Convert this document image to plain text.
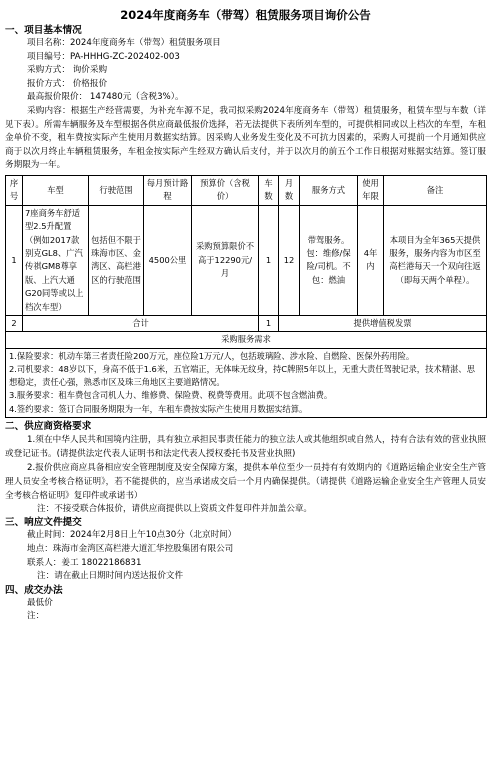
2024年度商务车（带驾）租赁服务项目询价公告
一、项目基本情况
项目名称：2024年度商务车（带驾）租赁服务项目
项目编号：PA-HHHG-ZC-202402-003
采购方式： 询价采购
报价方式： 价格报价
最高报价限价： 147480元（含税3%）。
采购内容：根据生产经营需要，为补充车源不足，我司拟采购2024年度商务车（带驾）租赁服务，租赁车型与车数（详见下表）。所需车辆服务及车型根据各供应商最低报价选择，若无法提供下表所列车型的，可提供相同或以上档次的车型，车租金单价不变，租车费按实际产生使用月数据实结算。因采购人业务发生变化及不可抗力因素的，采购人可提前一个月通知供应商于以次月终止车辆租赁服务，车租金按实际产生经双方确认后支付，并于以次月的前五个工作日根据对账据实结算。签订服务期限为一年。
序号	车型	行驶范围	每月预计路程	预算价（含税价）	车数	月数	服务方式	使用年限	备注
1	7座商务车舒适型2.5升配置（例如2017款别克GL8、广汽传祺GM8尊享版、上汽大通G20同等或以上档次车型）	包括但不限于珠海市区、金湾区、高栏港区的行驶范围	4500公里	采购预算限价不高于12290元/月	1	12	带驾服务。包：维修/保险/司机。不包：燃油	4年内	本项目为全年365天提供服务，服务内容为市区至高栏港每天一个双向往返（即每天两个单程）。
2	合计				1	提供增值税发票			
采购服务需求									

1.保险要求：机动车第三者责任险200万元，座位险1万元/人，包括玻璃险、涉水险、自燃险、医保外药用险。
2.司机要求：48岁以下，身高不低于1.6米，五官端正，无体味无纹身，持C牌照5年以上，无重大责任驾驶记录，技术精湛、思想稳定，责任心强，熟悉市区及珠三角地区主要道路情况。
3.服务要求：租车费包含司机人力、维修费、保险费、税费等费用。此项不包含燃油费。
4.签约要求：签订合同服务期限为一年，车租车费按实际产生使用月数据实结算。									
二、供应商资格要求
1.须在中华人民共和国境内注册，具有独立承担民事责任能力的独立法人或其他组织或自然人，持有合法有效的营业执照或登记证书。(请提供法定代表人证明书和法定代表人授权委托书及营业执照)
2.报价供应商应具备相应安全管理制度及安全保障方案，提供本单位至少一员持有有效期内的《道路运输企业安全生产管理人员安全考核合格证明》，若不能提供的，应当承诺成交后一个月内确保提供。（请提供《道路运输企业安全生产管理人员安全考核合格证明》复印件或承诺书）
注：不接受联合体报价，请供应商提供以上资质文件复印件并加盖公章。
三、响应文件提交
截止时间：2024年2月8日上午10点30分（北京时间）
地点：珠海市金湾区高栏港大道汇华控股集团有限公司
联系人：姜工 18022186831
注：请在截止日期时间内送达报价文件
四、成交办法
最低价
注：
